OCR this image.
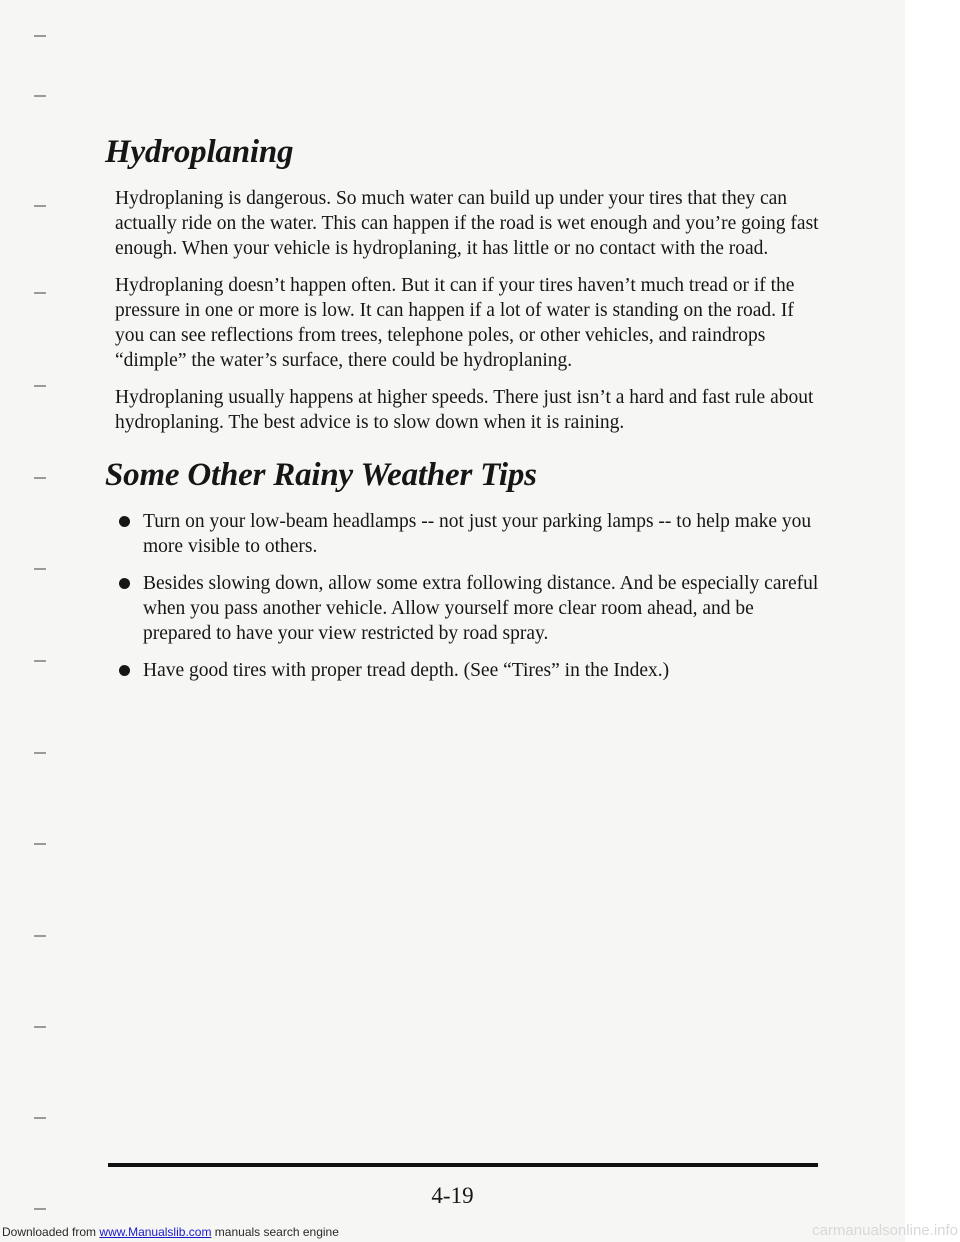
Hydroplaning

Hydroplaning is dangerous. So much water can build up under your tires that they can actually ride on the water. This can happen if the road is wet enough and you’re going fast enough. When your vehicle is hydroplaning, it has little or no contact with the road.

Hydroplaning doesn’t happen often. But it can if your tires haven’t much tread or if the pressure in one or more is low. It can happen if a lot of water is standing on the road. If you can see reflections from trees, telephone poles, or other vehicles, and raindrops “dimple” the water’s surface, there could be hydroplaning.

Hydroplaning usually happens at higher speeds. There just isn’t a hard and fast rule about hydroplaning. The best advice is to slow down when it is raining.

Some Other Rainy Weather Tips
Turn on your low-beam headlamps -- not just your parking lamps -- to help make you more visible to others.
Besides slowing down, allow some extra following distance. And be especially careful when you pass another vehicle. Allow yourself more clear room ahead, and be prepared to have your view restricted by road spray.
Have good tires with proper tread depth. (See “Tires” in the Index.)
4-19
Downloaded from www.Manualslib.com manuals search engine	carmanualsonline.info
